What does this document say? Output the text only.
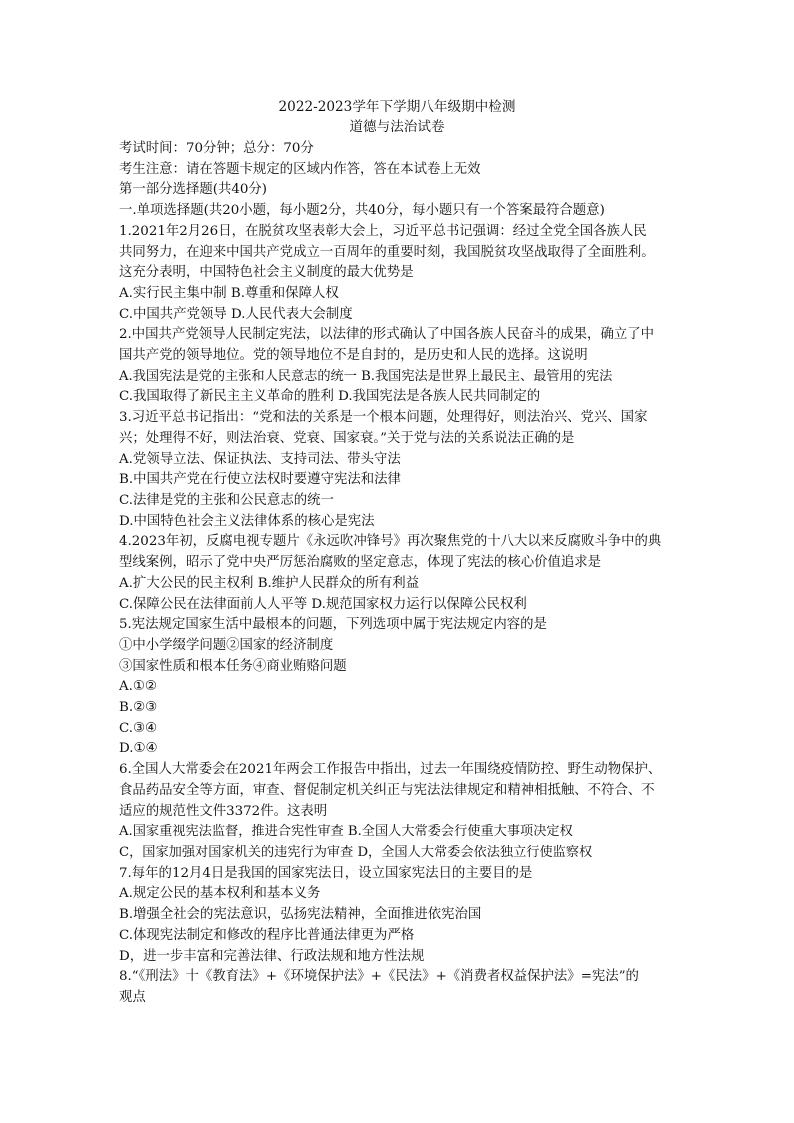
2022-2023学年下学期八年级期中检测
道德与法治试卷
考试时间：70分钟；总分：70分
考生注意：请在答题卡规定的区域内作答，答在本试卷上无效
第一部分选择题(共40分)
一.单项选择题(共20小题，每小题2分，共40分，每小题只有一个答案最符合题意)
1.2021年2月26日，在脱贫攻坚表彰大会上，习近平总书记强调：经过全党全国各族人民
共同努力，在迎来中国共产党成立一百周年的重要时刻，我国脱贫攻坚战取得了全面胜利。
这充分表明，中国特色社会主义制度的最大优势是
A.实行民主集中制 B.尊重和保障人权
C.中国共产党领导 D.人民代表大会制度
2.中国共产党领导人民制定宪法，以法律的形式确认了中国各族人民奋斗的成果，确立了中
国共产党的领导地位。党的领导地位不是自封的，是历史和人民的选择。这说明
A.我国宪法是党的主张和人民意志的统一 B.我国宪法是世界上最民主、最管用的宪法
C.我国取得了新民主主义革命的胜利 D.我国宪法是各族人民共同制定的
3.习近平总书记指出：“党和法的关系是一个根本问题，处理得好，则法治兴、党兴、国家
兴；处理得不好，则法治衰、党衰、国家衰。”关于党与法的关系说法正确的是
A.党领导立法、保证执法、支持司法、带头守法
B.中国共产党在行使立法权时要遵守宪法和法律
C.法律是党的主张和公民意志的统一
D.中国特色社会主义法律体系的核心是宪法
4.2023年初，反腐电视专题片《永远吹冲锋号》再次聚焦党的十八大以来反腐败斗争中的典
型线案例，昭示了党中央严厉惩治腐败的坚定意志，体现了宪法的核心价值追求是
A.扩大公民的民主权利 B.维护人民群众的所有利益
C.保障公民在法律面前人人平等 D.规范国家权力运行以保障公民权利
5.宪法规定国家生活中最根本的问题，下列选项中属于宪法规定内容的是
①中小学缀学问题②国家的经济制度
③国家性质和根本任务④商业贿赂问题
A.①②
B.②③
C.③④
D.①④
6.全国人大常委会在2021年两会工作报告中指出，过去一年围绕疫情防控、野生动物保护、
食品药品安全等方面，审查、督促制定机关纠正与宪法法律规定和精神相抵触、不符合、不
适应的规范性文件3372件。这表明
A.国家重视宪法监督，推进合宪性审查 B.全国人大常委会行使重大事项决定权
C，国家加强对国家机关的违宪行为审查 D，全国人大常委会依法独立行使监察权
7.每年的12月4日是我国的国家宪法日，设立国家宪法日的主要目的是
A.规定公民的基本权利和基本义务
B.增强全社会的宪法意识，弘扬宪法精神，全面推进依宪治国
C.体现宪法制定和修改的程序比普通法律更为严格
D，进一步丰富和完善法律、行政法规和地方性法规
8.“《刑法》十《教育法》+《环境保护法》+《民法》+《消费者权益保护法》=宪法”的
观点
